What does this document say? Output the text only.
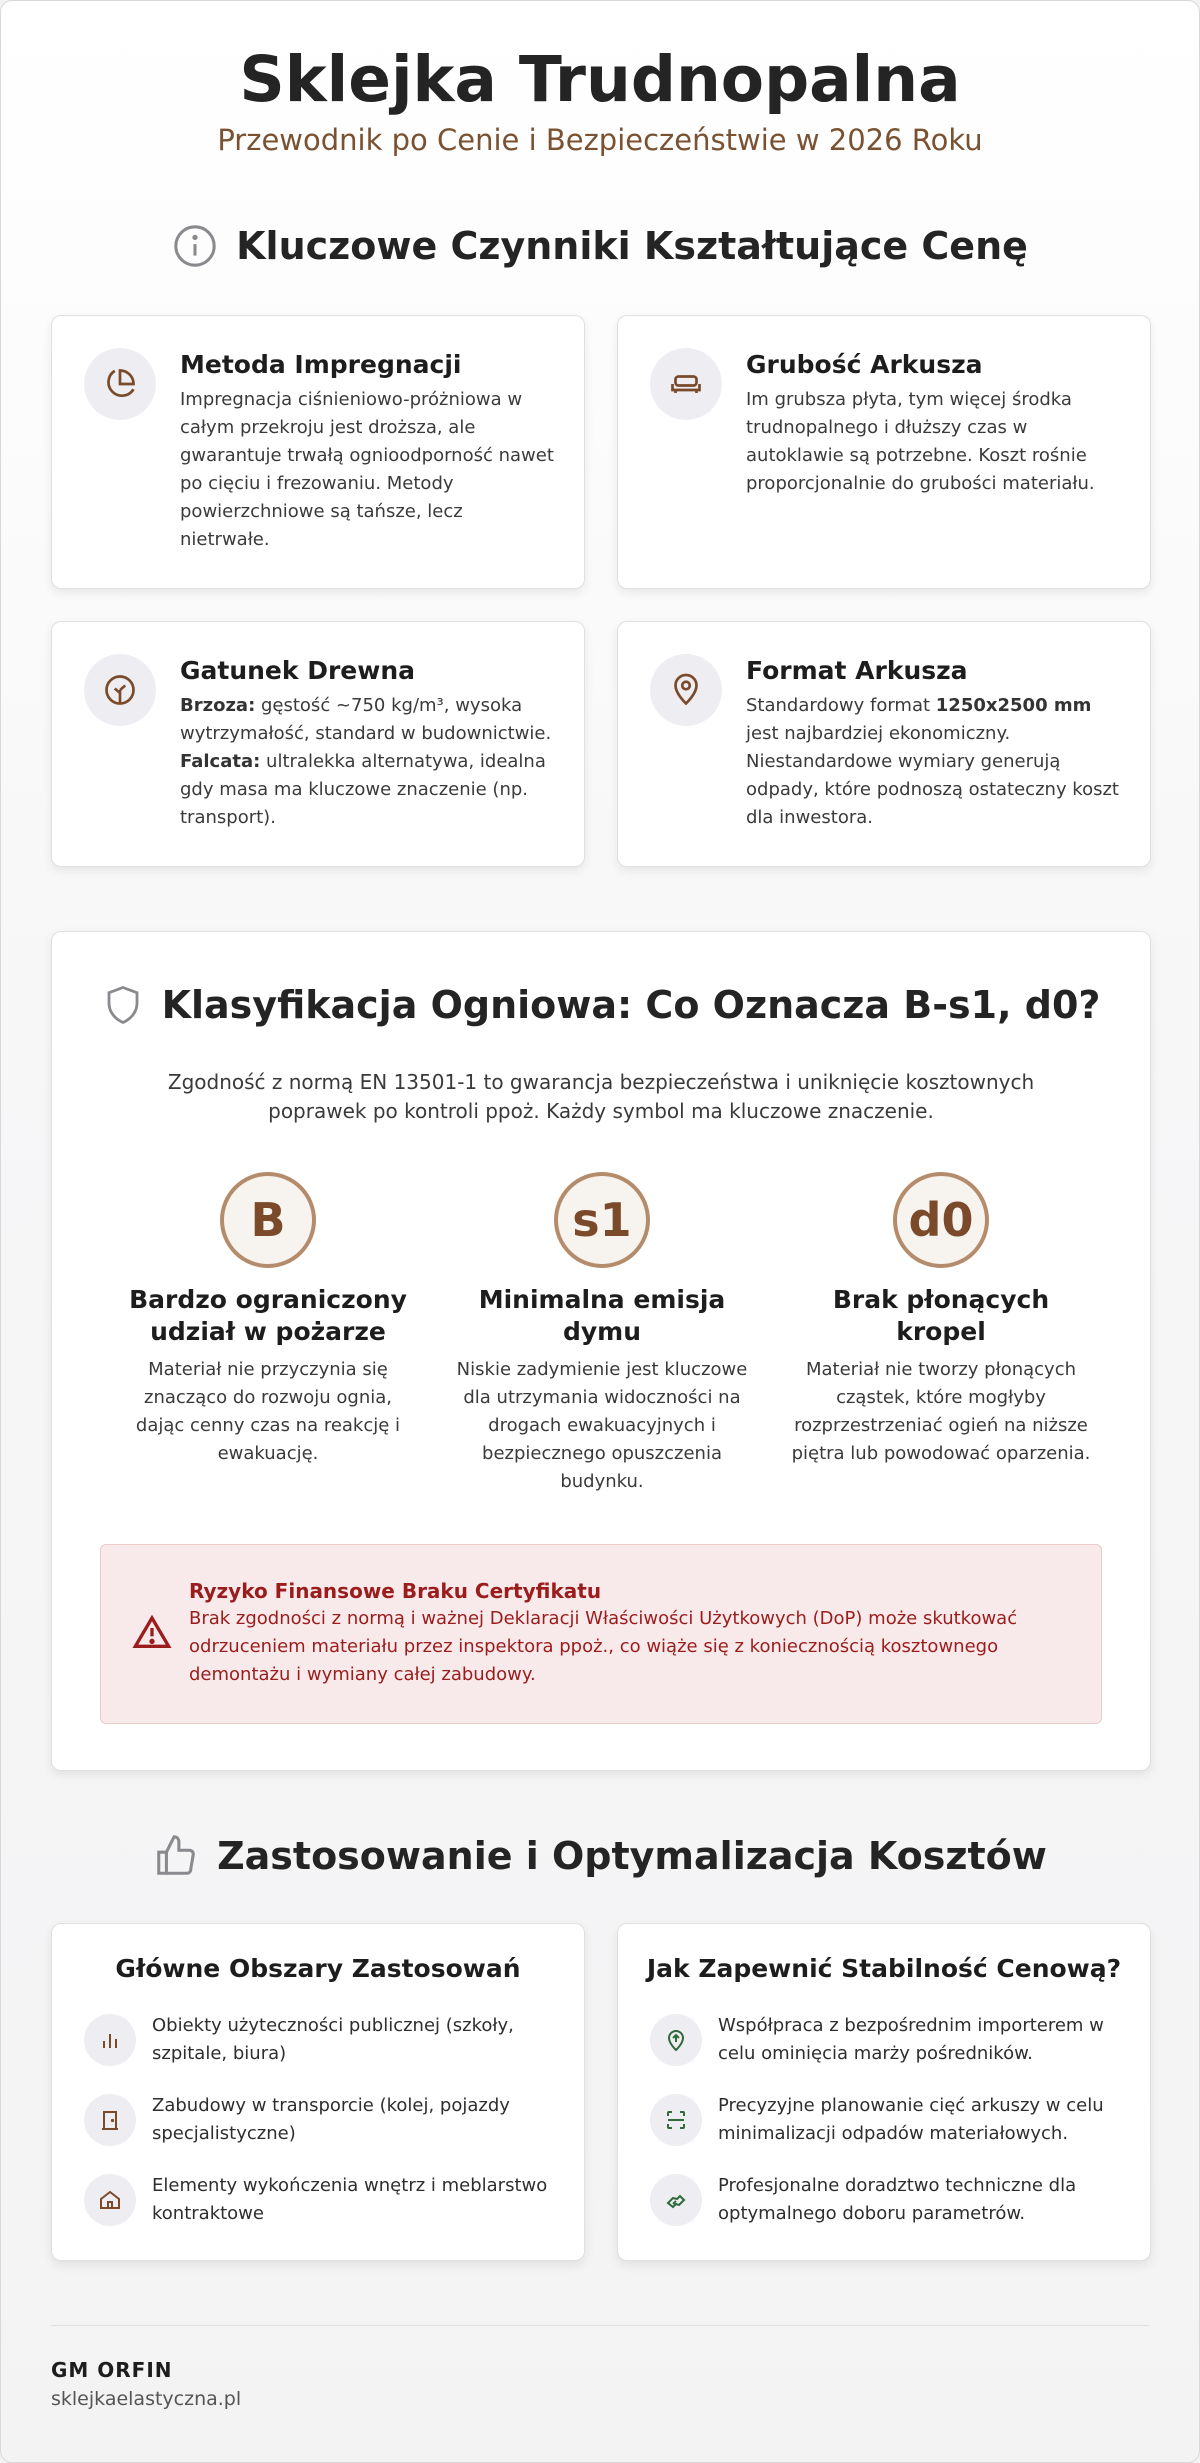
Sklejka Trudnopalna
Przewodnik po Cenie i Bezpieczeństwie w 2026 Roku
Kluczowe Czynniki Kształtujące Cenę
Metoda Impregnacji

Impregnacja ciśnieniowo-próżniowa w całym przekroju jest droższa, ale gwarantuje trwałą ognioodporność nawet po cięciu i frezowaniu. Metody powierzchniowe są tańsze, lecz nietrwałe.

Grubość Arkusza

Im grubsza płyta, tym więcej środka trudnopalnego i dłuższy czas w autoklawie są potrzebne. Koszt rośnie proporcjonalnie do grubości materiału.

Gatunek Drewna

Brzoza: gęstość ~750 kg/m³, wysoka wytrzymałość, standard w budownictwie.
Falcata: ultralekka alternatywa, idealna gdy masa ma kluczowe znaczenie (np. transport).

Format Arkusza

Standardowy format 1250x2500 mm jest najbardziej ekonomiczny. Niestandardowe wymiary generują odpady, które podnoszą ostateczny koszt dla inwestora.

Klasyfikacja Ogniowa: Co Oznacza B-s1, d0?

Zgodność z normą EN 13501-1 to gwarancja bezpieczeństwa i uniknięcie kosztownych poprawek po kontroli ppoż. Każdy symbol ma kluczowe znaczenie.

B
Bardzo ograniczony udział w pożarze

Materiał nie przyczynia się znacząco do rozwoju ognia, dając cenny czas na reakcję i ewakuację.

s1
Minimalna emisja dymu

Niskie zadymienie jest kluczowe dla utrzymania widoczności na drogach ewakuacyjnych i bezpiecznego opuszczenia budynku.

d0
Brak płonących kropel

Materiał nie tworzy płonących cząstek, które mogłyby rozprzestrzeniać ogień na niższe piętra lub powodować oparzenia.

Ryzyko Finansowe Braku Certyfikatu

Brak zgodności z normą i ważnej Deklaracji Właściwości Użytkowych (DoP) może skutkować odrzuceniem materiału przez inspektora ppoż., co wiąże się z koniecznością kosztownego demontażu i wymiany całej zabudowy.

Zastosowanie i Optymalizacja Kosztów
Główne Obszary Zastosowań
Obiekty użyteczności publicznej (szkoły, szpitale, biura)
Zabudowy w transporcie (kolej, pojazdy specjalistyczne)
Elementy wykończenia wnętrz i meblarstwo kontraktowe
Jak Zapewnić Stabilność Cenową?
Współpraca z bezpośrednim importerem w celu ominięcia marży pośredników.
Precyzyjne planowanie cięć arkuszy w celu minimalizacji odpadów materiałowych.
Profesjonalne doradztwo techniczne dla optymalnego doboru parametrów.
GM ORFIN
sklejkaelastyczna.pl
